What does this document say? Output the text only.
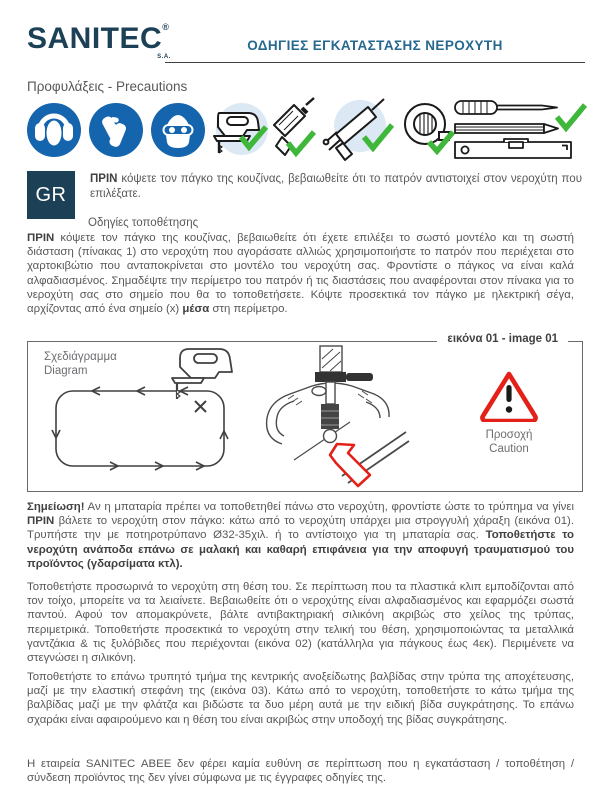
SANITEC®
S.A.
ΟΔΗΓΙΕΣ ΕΓΚΑΤΑΣΤΑΣΗΣ ΝΕΡΟΧΥΤΗ
Προφυλάξεις - Precautions
GR

ΠΡΙΝ κόψετε τον πάγκο της κουζίνας, βεβαιωθείτε ότι το πατρόν αντιστοιχεί στον νεροχύτη που επιλέξατε.

Οδηγίες τοποθέτησης

ΠΡΙΝ κόψετε τον πάγκο της κουζίνας, βεβαιωθείτε ότι έχετε επιλέξει το σωστό μοντέλο και τη σωστή διάσταση (πίνακας 1) στο νεροχύτη που αγοράσατε αλλιώς χρησιμοποιήστε το πατρόν που περιέχεται στο χαρτοκιβώτιο που ανταποκρίνεται στο μοντέλο του νεροχύτη σας. Φροντίστε ο πάγκος να είναι καλά αλφαδιασμένος. Σημαδέψτε την περίμετρο του πατρόν ή τις διαστάσεις που αναφέρονται στον πίνακα για το νεροχύτη σας στο σημείο που θα το τοποθετήσετε. Κόψτε προσεκτικά τον πάγκο με ηλεκτρική σέγα, αρχίζοντας από ένα σημείο (x) μέσα στη περίμετρο.

εικόνα 01 - image 01
Σχεδιάγραμμα
Diagram
Προσοχή
Caution

Σημείωση! Αν η μπαταρία πρέπει να τοποθετηθεί πάνω στο νεροχύτη, φροντίστε ώστε το τρύπημα να γίνει ΠΡΙΝ βάλετε το νεροχύτη στον πάγκο: κάτω από το νεροχύτη υπάρχει μια στρογγυλή χάραξη (εικόνα 01). Τρυπήστε την με ποτηροτρύπανο Ø32-35χιλ. ή το αντίστοιχο για τη μπαταρία σας. Τοποθετήστε το νεροχύτη ανάποδα επάνω σε μαλακή και καθαρή επιφάνεια για την αποφυγή τραυματισμού του προϊόντος (γδαρσίματα κτλ).

Τοποθετήστε προσωρινά το νεροχύτη στη θέση του. Σε περίπτωση που τα πλαστικά κλιπ εμποδίζονται από τον τοίχο, μπορείτε να τα λειαίνετε. Βεβαιωθείτε ότι ο νεροχύτης είναι αλφαδιασμένος και εφαρμόζει σωστά παντού. Αφού τον απομακρύνετε, βάλτε αντιβακτηριακή σιλικόνη ακριβώς στο χείλος της τρύπας, περιμετρικά. Τοποθετήστε προσεκτικά το νεροχύτη στην τελική του θέση, χρησιμοποιώντας τα μεταλλικά γαντζάκια & τις ξυλόβιδες που περιέχονται (εικόνα 02) (κατάλληλα για πάγκους έως 4εκ). Περιμένετε να στεγνώσει η σιλικόνη.

Τοποθετήστε το επάνω τρυπητό τμήμα της κεντρικής ανοξείδωτης βαλβίδας στην τρύπα της αποχέτευσης, μαζί με την ελαστική στεφάνη της (εικόνα 03). Κάτω από το νεροχύτη, τοποθετήστε το κάτω τμήμα της βαλβίδας μαζί με την φλάτζα και βιδώστε τα δυο μέρη αυτά με την ειδική βίδα συγκράτησης. Το επάνω σχαράκι είναι αφαιρούμενο και η θέση του είναι ακριβώς στην υποδοχή της βίδας συγκράτησης.

Η εταιρεία SANITEC ΑΒΕΕ δεν φέρει καμία ευθύνη σε περίπτωση που η εγκατάσταση / τοποθέτηση / σύνδεση προϊόντος της δεν γίνει σύμφωνα με τις έγγραφες οδηγίες της.
